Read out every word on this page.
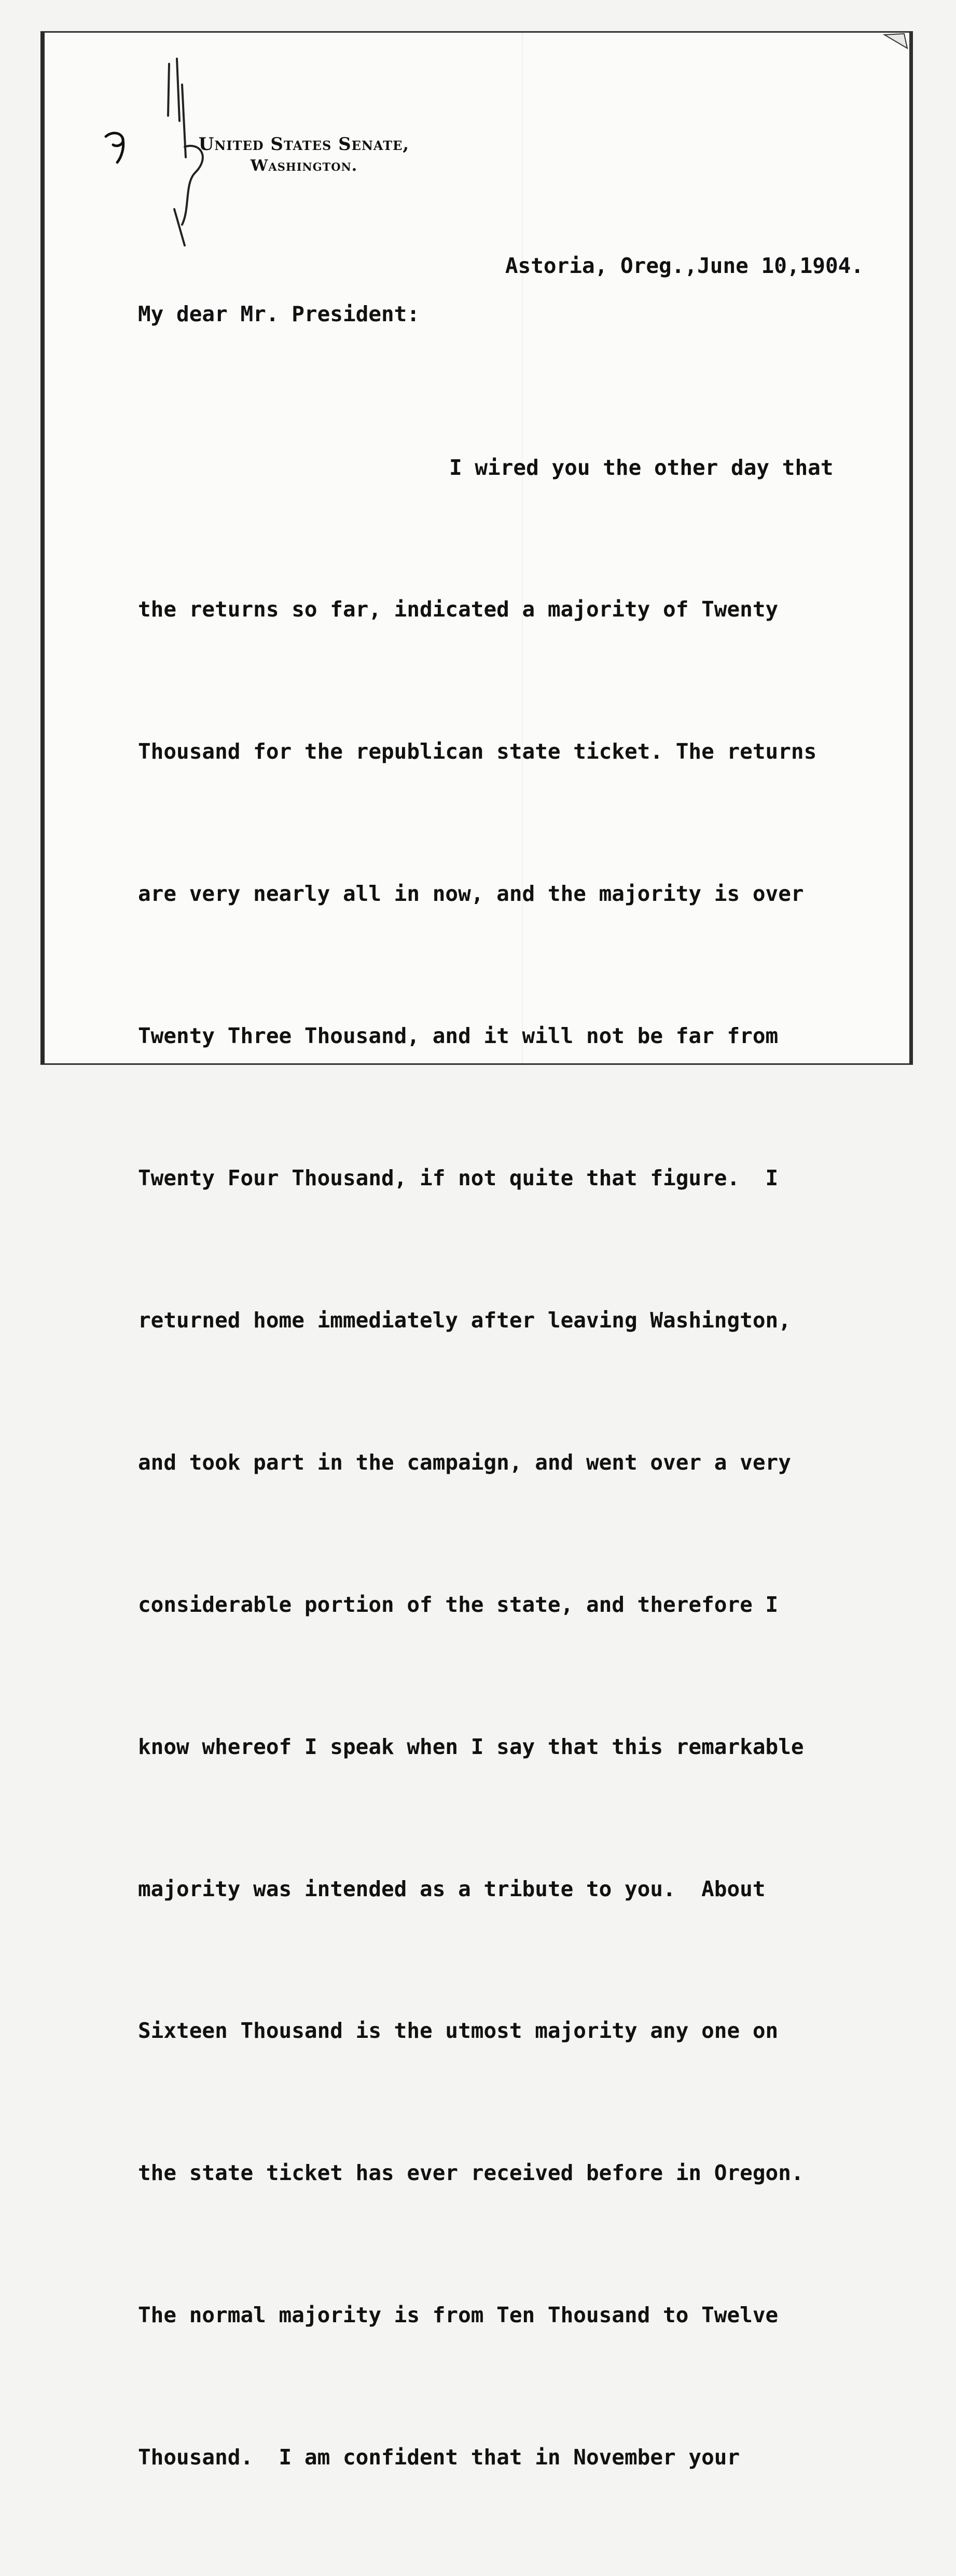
United States Senate,
Washington.
Astoria, Oreg.,June 10,1904.
My dear Mr. President:

I wired you the other day that

the returns so far, indicated a majority of Twenty

Thousand for the republican state ticket. The returns

are very nearly all in now, and the majority is over

Twenty Three Thousand, and it will not be far from

Twenty Four Thousand, if not quite that figure.  I

returned home immediately after leaving Washington,

and took part in the campaign, and went over a very

considerable portion of the state, and therefore I

know whereof I speak when I say that this remarkable

majority was intended as a tribute to you.  About

Sixteen Thousand is the utmost majority any one on

the state ticket has ever received before in Oregon.

The normal majority is from Ten Thousand to Twelve

Thousand.  I am confident that in November your
